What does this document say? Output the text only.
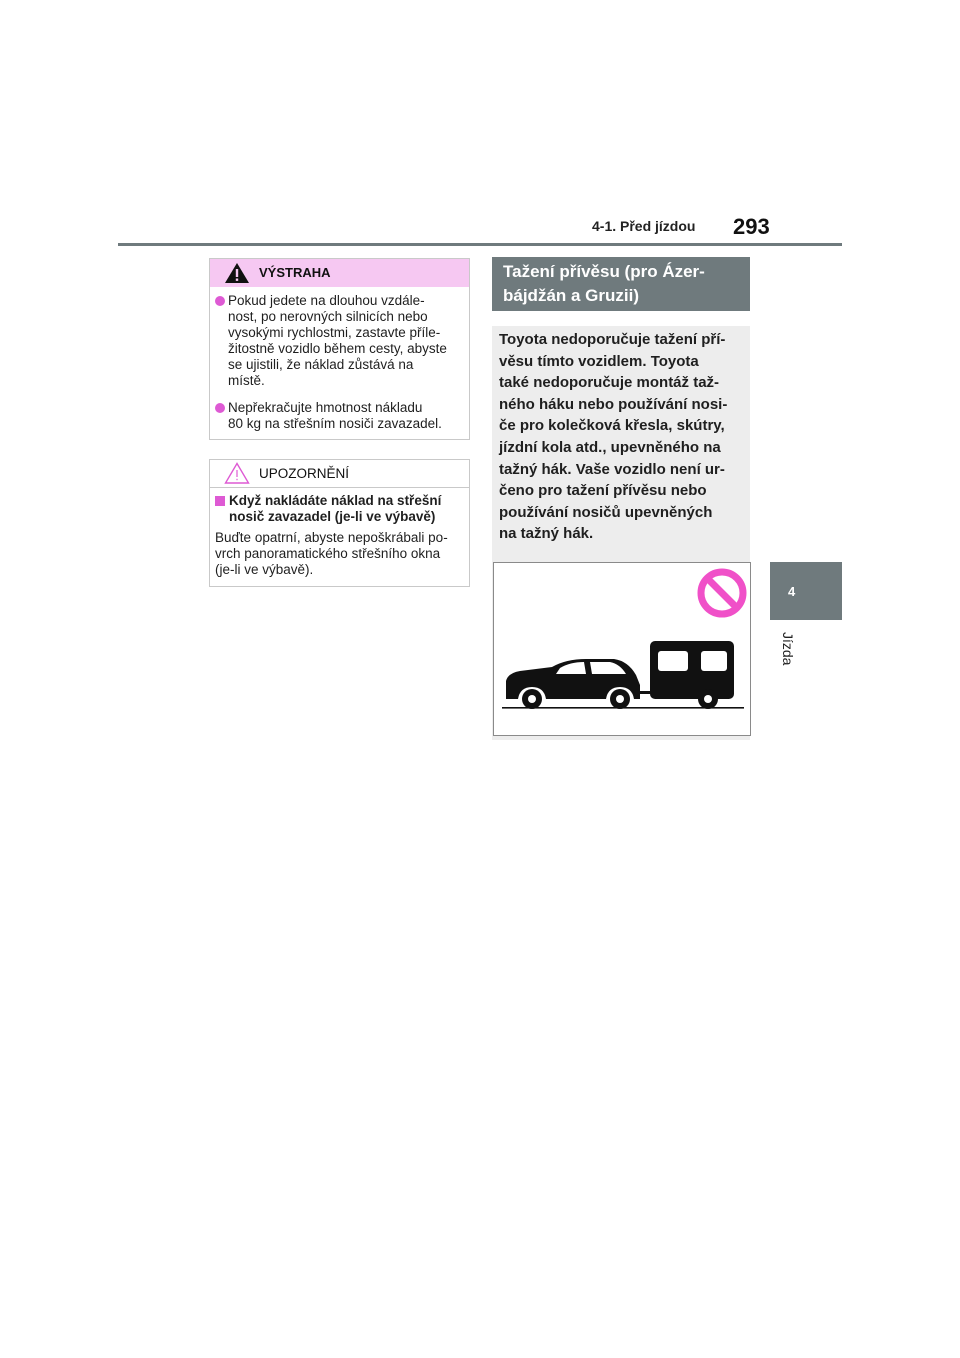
4-1. Před jízdou 293
4
Jízda
VÝSTRAHA
Pokud jedete na dlouhou vzdále-
nost, po nerovných silnicích nebo
vysokými rychlostmi, zastavte příle-
žitostně vozidlo během cesty, abyste
se ujistili, že náklad zůstává na
místě.
Nepřekračujte hmotnost nákladu
80 kg na střešním nosiči zavazadel.
UPOZORNĚNÍ
Když nakládáte náklad na střešní
nosič zavazadel (je-li ve výbavě)
Buďte opatrní, abyste nepoškrábali po-
vrch panoramatického střešního okna
(je-li ve výbavě).
Tažení přívěsu (pro Ázer-
bájdžán a Gruzii)
Toyota nedoporučuje tažení pří-
věsu tímto vozidlem. Toyota
také nedoporučuje montáž taž-
ného háku nebo používání nosi-
če pro kolečková křesla, skútry,
jízdní kola atd., upevněného na
tažný hák. Vaše vozidlo není ur-
čeno pro tažení přívěsu nebo
používání nosičů upevněných
na tažný hák.
